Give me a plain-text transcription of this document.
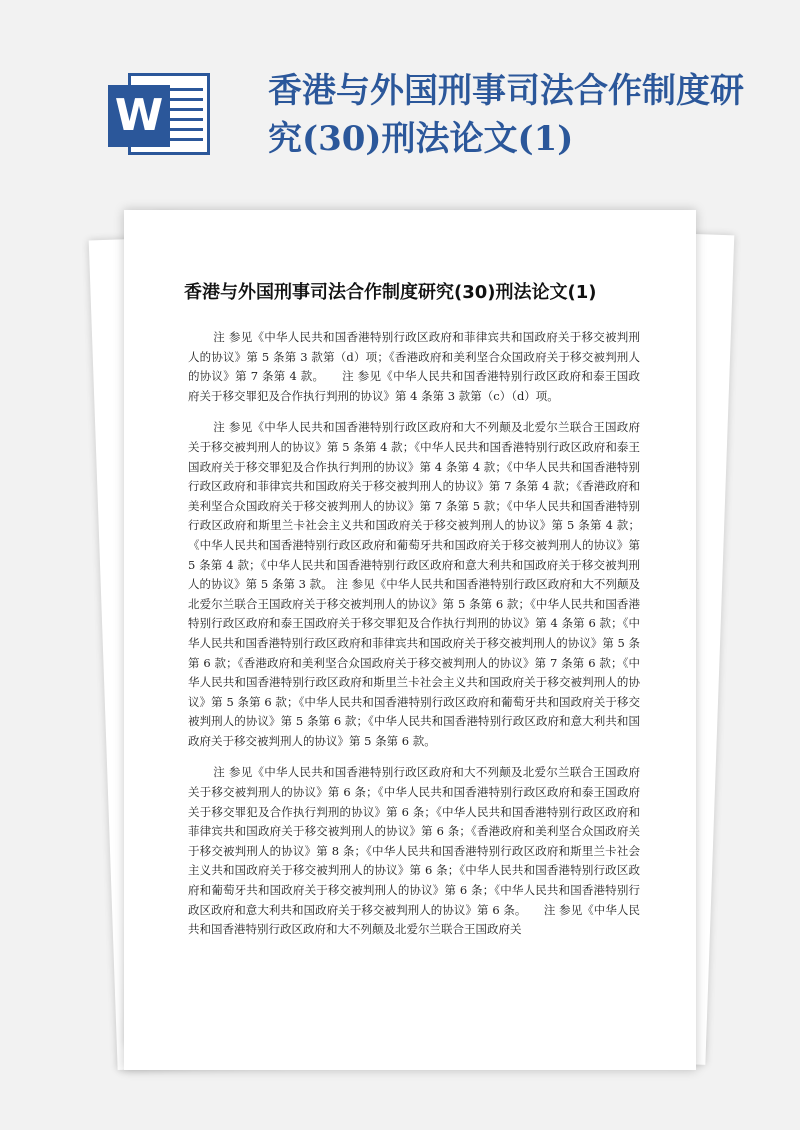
W	香港与外国刑事司法合作制度研究(30)刑法论文(1)
香港与外国刑事司法合作制度研究(30)刑法论文(1)

注 参见《中华人民共和国香港特别行政区政府和菲律宾共和国政府关于移交被判刑人的协议》第 5 条第 3 款第（d）项；《香港政府和美利坚合众国政府关于移交被判刑人的协议》第 7 条第 4 款。　　注 参见《中华人民共和国香港特别行政区政府和泰王国政府关于移交罪犯及合作执行判刑的协议》第 4 条第 3 款第（c）（d）项。

注 参见《中华人民共和国香港特别行政区政府和大不列颠及北爱尔兰联合王国政府关于移交被判刑人的协议》第 5 条第 4 款；《中华人民共和国香港特别行政区政府和泰王国政府关于移交罪犯及合作执行判刑的协议》第 4 条第 4 款；《中华人民共和国香港特别行政区政府和菲律宾共和国政府关于移交被判刑人的协议》第 7 条第 4 款；《香港政府和美利坚合众国政府关于移交被判刑人的协议》第 7 条第 5 款；《中华人民共和国香港特别行政区政府和斯里兰卡社会主义共和国政府关于移交被判刑人的协议》第 5 条第 4 款；《中华人民共和国香港特别行政区政府和葡萄牙共和国政府关于移交被判刑人的协议》第 5 条第 4 款；《中华人民共和国香港特别行政区政府和意大利共和国政府关于移交被判刑人的协议》第 5 条第 3 款。 注 参见《中华人民共和国香港特别行政区政府和大不列颠及北爱尔兰联合王国政府关于移交被判刑人的协议》第 5 条第 6 款；《中华人民共和国香港特别行政区政府和泰王国政府关于移交罪犯及合作执行判刑的协议》第 4 条第 6 款；《中华人民共和国香港特别行政区政府和菲律宾共和国政府关于移交被判刑人的协议》第 5 条第 6 款；《香港政府和美利坚合众国政府关于移交被判刑人的协议》第 7 条第 6 款；《中华人民共和国香港特别行政区政府和斯里兰卡社会主义共和国政府关于移交被判刑人的协议》第 5 条第 6 款；《中华人民共和国香港特别行政区政府和葡萄牙共和国政府关于移交被判刑人的协议》第 5 条第 6 款；《中华人民共和国香港特别行政区政府和意大利共和国政府关于移交被判刑人的协议》第 5 条第 6 款。

注 参见《中华人民共和国香港特别行政区政府和大不列颠及北爱尔兰联合王国政府关于移交被判刑人的协议》第 6 条；《中华人民共和国香港特别行政区政府和泰王国政府关于移交罪犯及合作执行判刑的协议》第 6 条；《中华人民共和国香港特别行政区政府和菲律宾共和国政府关于移交被判刑人的协议》第 6 条；《香港政府和美利坚合众国政府关于移交被判刑人的协议》第 8 条；《中华人民共和国香港特别行政区政府和斯里兰卡社会主义共和国政府关于移交被判刑人的协议》第 6 条；《中华人民共和国香港特别行政区政府和葡萄牙共和国政府关于移交被判刑人的协议》第 6 条；《中华人民共和国香港特别行政区政府和意大利共和国政府关于移交被判刑人的协议》第 6 条。　　注 参见《中华人民共和国香港特别行政区政府和大不列颠及北爱尔兰联合王国政府关
